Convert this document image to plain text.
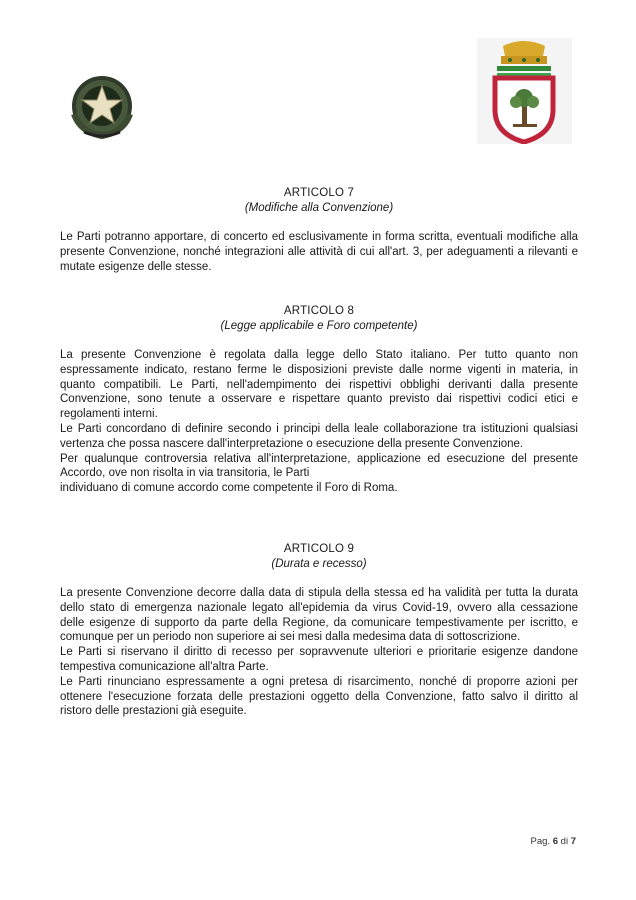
ARTICOLO 7
(Modifiche alla Convenzione)

Le Parti potranno apportare, di concerto ed esclusivamente in forma scritta, eventuali modifiche alla presente Convenzione, nonché integrazioni alle attività di cui all'art. 3, per adeguamenti a rilevanti e mutate esigenze delle stesse.

ARTICOLO 8
(Legge applicabile e Foro competente)

La presente Convenzione è regolata dalla legge dello Stato italiano. Per tutto quanto non espressamente indicato, restano ferme le disposizioni previste dalle norme vigenti in materia, in quanto compatibili. Le Parti, nell'adempimento dei rispettivi obblighi derivanti dalla presente Convenzione, sono tenute a osservare e rispettare quanto previsto dai rispettivi codici etici e regolamenti interni.

Le Parti concordano di definire secondo i principi della leale collaborazione tra istituzioni qualsiasi vertenza che possa nascere dall'interpretazione o esecuzione della presente Convenzione.

Per qualunque controversia relativa all'interpretazione, applicazione ed esecuzione del presente Accordo, ove non risolta in via transitoria, le Parti

individuano di comune accordo come competente il Foro di Roma.

ARTICOLO 9
(Durata e recesso)

La presente Convenzione decorre dalla data di stipula della stessa ed ha validità per tutta la durata dello stato di emergenza nazionale legato all'epidemia da virus Covid-19, ovvero alla cessazione delle esigenze di supporto da parte della Regione, da comunicare tempestivamente per iscritto, e comunque per un periodo non superiore ai sei mesi dalla medesima data di sottoscrizione.

Le Parti si riservano il diritto di recesso per sopravvenute ulteriori e prioritarie esigenze dandone tempestiva comunicazione all'altra Parte.

Le Parti rinunciano espressamente a ogni pretesa di risarcimento, nonché di proporre azioni per ottenere l'esecuzione forzata delle prestazioni oggetto della Convenzione, fatto salvo il diritto al ristoro delle prestazioni già eseguite.

Pag. 6 di 7
